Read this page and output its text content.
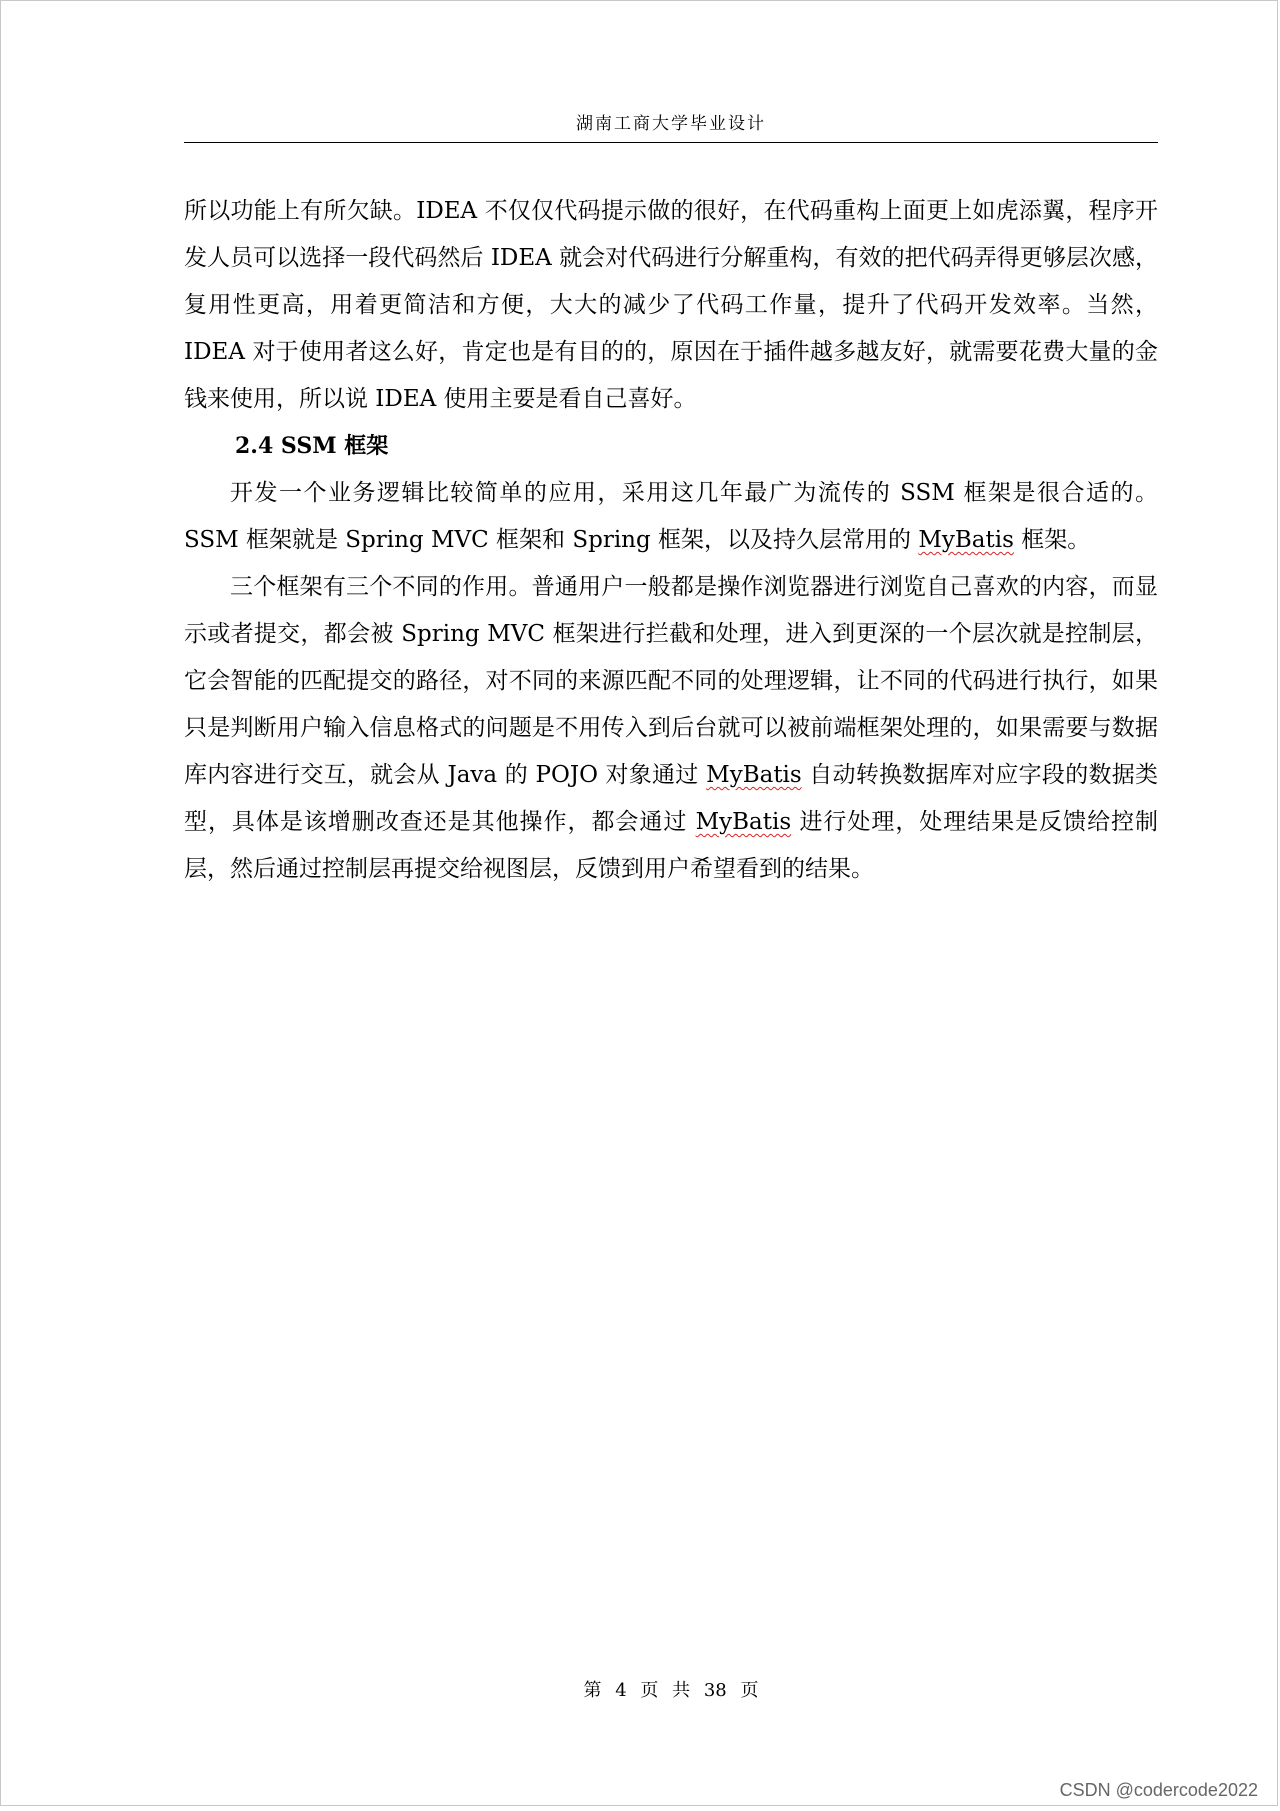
湖南工商大学毕业设计

所以功能上有所欠缺。IDEA 不仅仅代码提示做的很好，在代码重构上面更上如虎添翼，程序开发人员可以选择一段代码然后 IDEA 就会对代码进行分解重构，有效的把代码弄得更够层次感，复用性更高，用着更简洁和方便，大大的减少了代码工作量，提升了代码开发效率。当然，IDEA 对于使用者这么好，肯定也是有目的的，原因在于插件越多越友好，就需要花费大量的金钱来使用，所以说 IDEA 使用主要是看自己喜好。

2.4 SSM 框架

开发一个业务逻辑比较简单的应用，采用这几年最广为流传的 SSM 框架是很合适的。SSM 框架就是 Spring MVC 框架和 Spring 框架，以及持久层常用的 MyBatis 框架。

三个框架有三个不同的作用。普通用户一般都是操作浏览器进行浏览自己喜欢的内容，而显示或者提交，都会被 Spring MVC 框架进行拦截和处理，进入到更深的一个层次就是控制层，它会智能的匹配提交的路径，对不同的来源匹配不同的处理逻辑，让不同的代码进行执行，如果只是判断用户输入信息格式的问题是不用传入到后台就可以被前端框架处理的，如果需要与数据库内容进行交互，就会从 Java 的 POJO 对象通过 MyBatis 自动转换数据库对应字段的数据类型，具体是该增删改查还是其他操作，都会通过 MyBatis 进行处理，处理结果是反馈给控制层，然后通过控制层再提交给视图层，反馈到用户希望看到的结果。

第 4 页 共 38 页
CSDN @codercode2022
